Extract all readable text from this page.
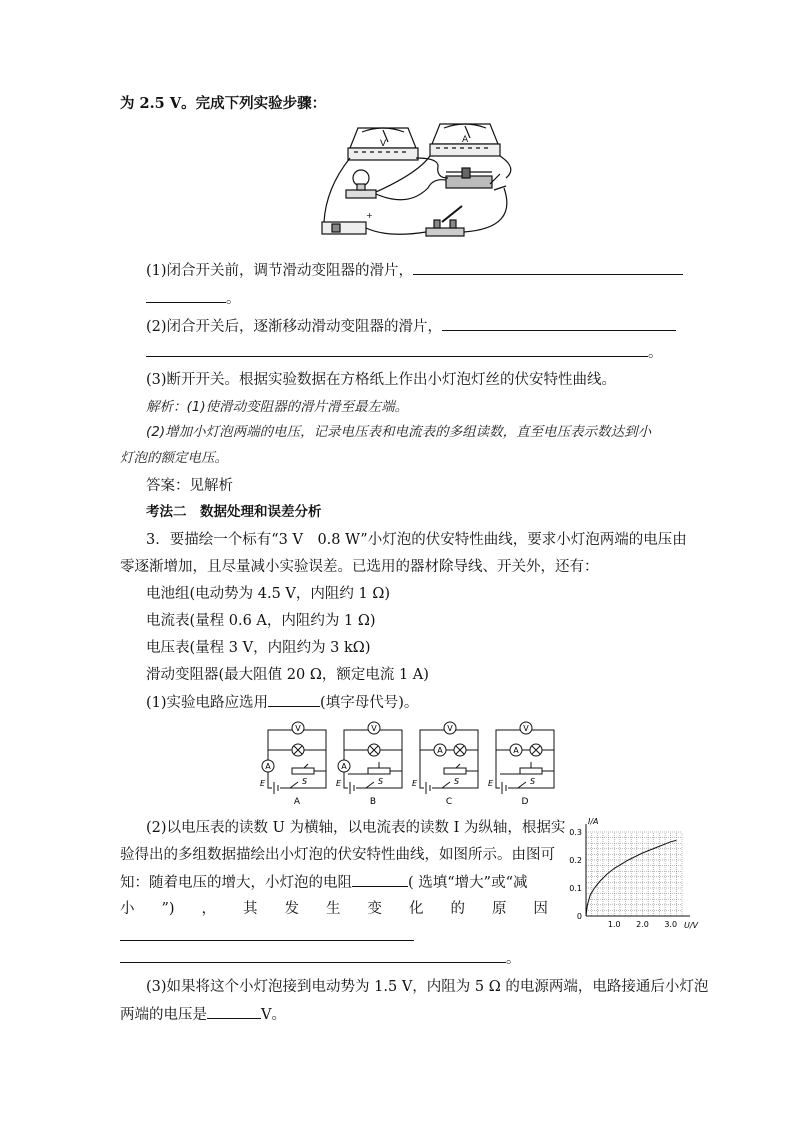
为 2.5 V。完成下列实验步骤：
V	A
+
(1)闭合开关前，调节滑动变阻器的滑片，
。
(2)闭合开关后，逐渐移动滑动变阻器的滑片，
。
(3)断开开关。根据实验数据在方格纸上作出小灯泡灯丝的伏安特性曲线。
解析：(1)使滑动变阻器的滑片滑至最左端。
(2)增加小灯泡两端的电压，记录电压表和电流表的多组读数，直至电压表示数达到小
灯泡的额定电压。
答案：见解析
考法二　数据处理和误差分析
3．要描绘一个标有“3 V　0.8 W”小灯泡的伏安特性曲线，要求小灯泡两端的电压由
零逐渐增加，且尽量减小实验误差。已选用的器材除导线、开关外，还有：
电池组(电动势为 4.5 V，内阻约 1 Ω)
电流表(量程 0.6 A，内阻约为 1 Ω)
电压表(量程 3 V，内阻约为 3 kΩ)
滑动变阻器(最大阻值 20 Ω，额定电流 1 A)
(1)实验电路应选用	(填字母代号)。
V
A
E	S
A
V
A
E	S
B
V
A
E	S
C
V
A
E	S
D
(2)以电压表的读数 U 为横轴，以电流表的读数 I 为纵轴，根据实
验得出的多组数据描绘出小灯泡的伏安特性曲线，如图所示。由图可
知：随着电压的增大，小灯泡的电阻	( 选填“增大”或“减
小 ”) ， 其 发 生 变 化 的 原 因
。
I/A
U/V
1.0 2.0 3.0
0
0.1
0.2
0.3
(3)如果将这个小灯泡接到电动势为 1.5 V，内阻为 5 Ω 的电源两端，电路接通后小灯泡
两端的电压是	V。
